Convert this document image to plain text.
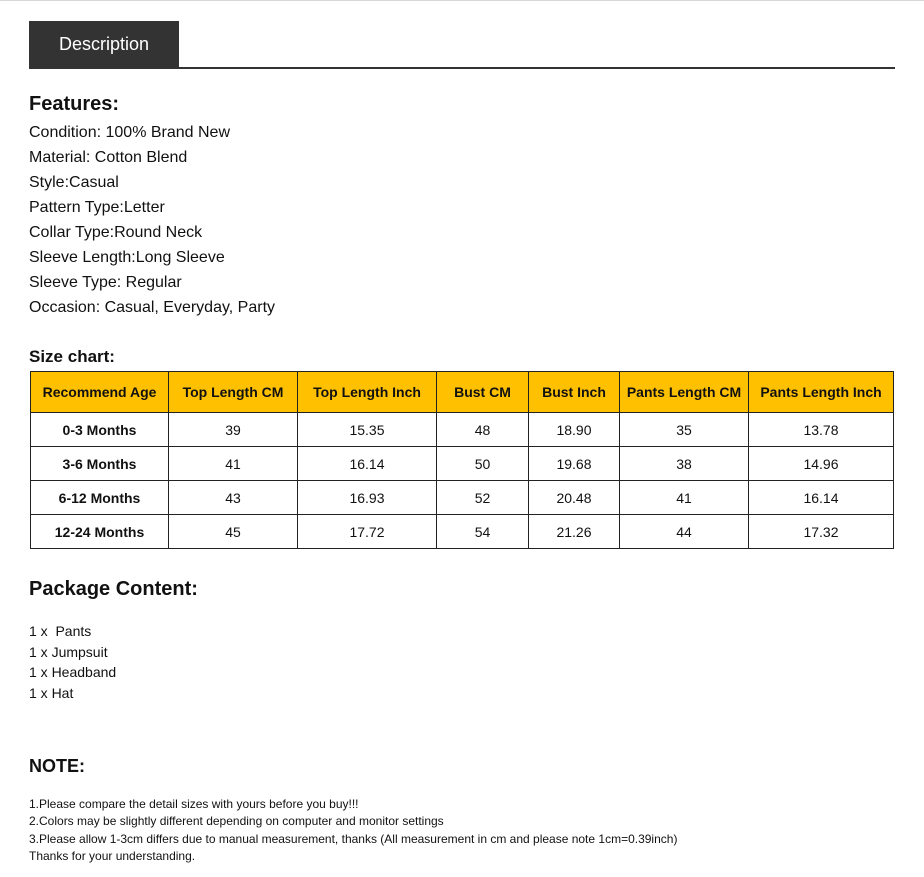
Description
Features:
Condition: 100% Brand New
Material: Cotton Blend
Style:Casual
Pattern Type:Letter
Collar Type:Round Neck
Sleeve Length:Long Sleeve
Sleeve Type: Regular
Occasion: Casual, Everyday, Party
Size chart:
Recommend Age	Top Length CM	Top Length Inch	Bust CM	Bust Inch	Pants Length CM	Pants Length Inch
0-3 Months	39	15.35	48	18.90	35	13.78
3-6 Months	41	16.14	50	19.68	38	14.96
6-12 Months	43	16.93	52	20.48	41	16.14
12-24 Months	45	17.72	54	21.26	44	17.32
Package Content:
1 x  Pants
1 x Jumpsuit
1 x Headband
1 x Hat
NOTE:
1.Please compare the detail sizes with yours before you buy!!!
2.Colors may be slightly different depending on computer and monitor settings
3.Please allow 1-3cm differs due to manual measurement, thanks (All measurement in cm and please note 1cm=0.39inch)
Thanks for your understanding.
